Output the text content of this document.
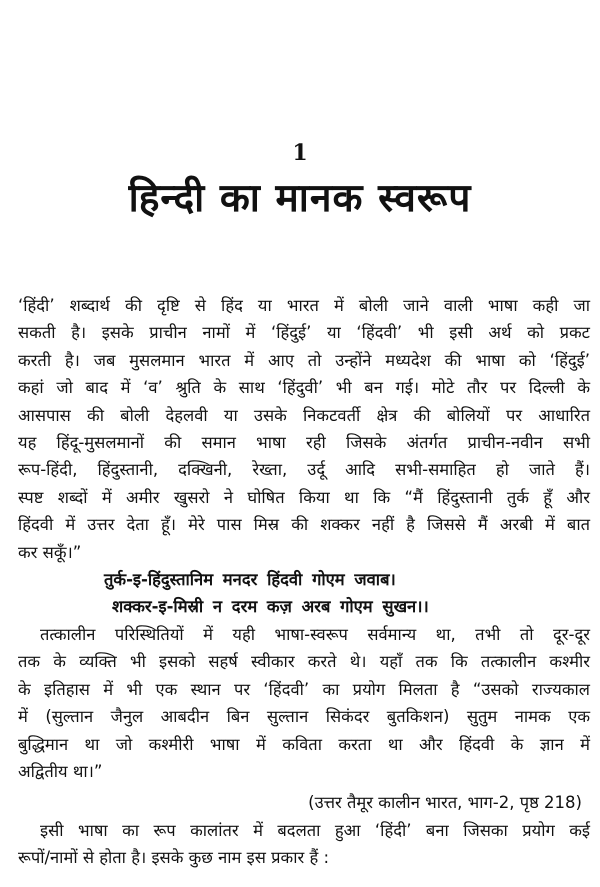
1
हिन्दी का मानक स्वरूप

‘हिंदी’ शब्दार्थ की दृष्टि से हिंद या भारत में बोली जाने वाली भाषा कही जा
सकती है। इसके प्राचीन नामों में ‘हिंदुई’ या ‘हिंदवी’ भी इसी अर्थ को प्रकट
करती है। जब मुसलमान भारत में आए तो उन्होंने मध्यदेश की भाषा को ‘हिंदुई’
कहां जो बाद में ‘व’ श्रुति के साथ ‘हिंदुवी’ भी बन गई। मोटे तौर पर दिल्ली के
आसपास की बोली देहलवी या उसके निकटवर्ती क्षेत्र की बोलियों पर आधारित
यह हिंदू-मुसलमानों की समान भाषा रही जिसके अंतर्गत प्राचीन-नवीन सभी
रूप-हिंदी, हिंदुस्तानी, दक्खिनी, रेख्ता, उर्दू आदि सभी-समाहित हो जाते हैं।
स्पष्ट शब्दों में अमीर खुसरो ने घोषित किया था कि “मैं हिंदुस्तानी तुर्क हूँ और
हिंदवी में उत्तर देता हूँ। मेरे पास मिस्र की शक्कर नहीं है जिससे मैं अरबी में बात
कर सकूँ।”

तुर्क-इ-हिंदुस्तानिम मनदर हिंदवी गोएम जवाब।
शक्कर-इ-मिस्री न दरम कज़ अरब गोएम सुखन।।

तत्कालीन परिस्थितियों में यही भाषा-स्वरूप सर्वमान्य था, तभी तो दूर-दूर
तक के व्यक्ति भी इसको सहर्ष स्वीकार करते थे। यहाँ तक कि तत्कालीन कश्मीर
के इतिहास में भी एक स्थान पर ‘हिंदवी’ का प्रयोग मिलता है “उसको राज्यकाल
में (सुल्तान जैनुल आबदीन बिन सुल्तान सिकंदर बुतकिशन) सुतुम नामक एक
बुद्धिमान था जो कश्मीरी भाषा में कविता करता था और हिंदवी के ज्ञान में
अद्वितीय था।”

(उत्तर तैमूर कालीन भारत, भाग-2, पृष्ठ 218)

इसी भाषा का रूप कालांतर में बदलता हुआ ‘हिंदी’ बना जिसका प्रयोग कई
रूपों/नामों से होता है। इसके कुछ नाम इस प्रकार हैं :
